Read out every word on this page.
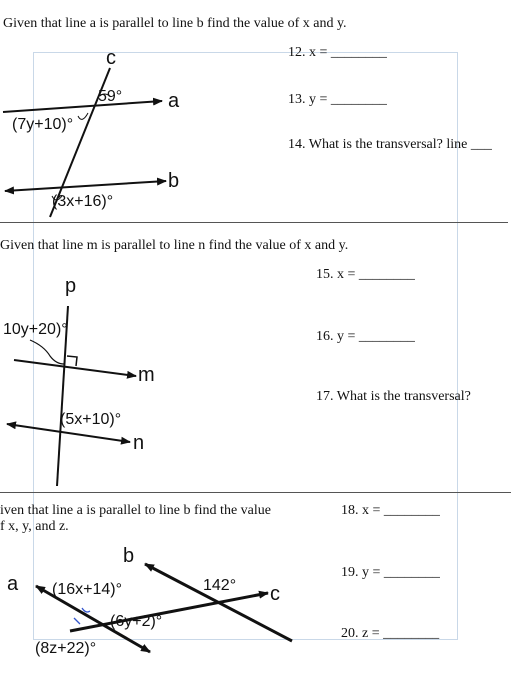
Given that line a is parallel to line b find the value of x and y.
12. x = ________
13. y = ________
14. What is the transversal? line ___
c
a
b
59°
(7y+10)°
(3x+16)°
Given that line m is parallel to line n find the value of x and y.
15. x = ________
16. y = ________
17. What is the transversal?
p
m
n
10y+20)°
(5x+10)°
iven that line a is parallel to line b find the value
f x, y, and z.
18. x = ________
19. y = ________
20. z = ________
a
b
c
(16x+14)°	142°
(6y+2)°
(8z+22)°
